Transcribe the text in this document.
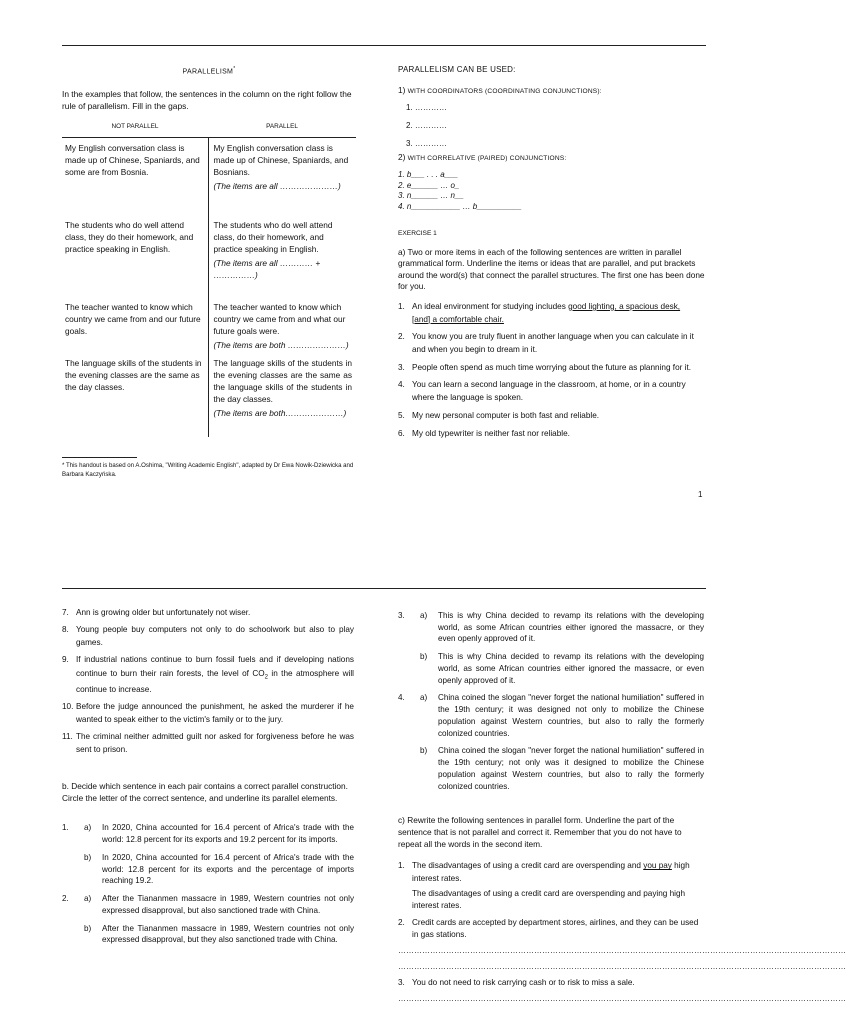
PARALLELISM*

In the examples that follow, the sentences in the column on the right follow the rule of parallelism. Fill in the gaps.

NOT PARALLEL	PARALLEL
My English conversation class is made up of Chinese, Spaniards, and some are from Bosnia.	My English conversation class is made up of Chinese, Spaniards, and Bosnians.
(The items are all …………………)

The students who do well attend class, they do their homework, and practice speaking in English.	The students who do well attend class, do their homework, and practice speaking in English.
(The items are all ………… + ……………)

The teacher wanted to know which country we came from and our future goals.	The teacher wanted to know which country we came from and what our future goals were.
(The items are both …………………)

The language skills of the students in the evening classes are the same as the day classes.	The language skills of the students in the evening classes are the same as the language skills of the students in the day classes.
(The items are both…………………)
* This handout is based on A.Oshima, "Writing Academic English", adapted by Dr Ewa Nowik-Dziewicka and Barbara Kaczyńska.
PARALLELISM CAN BE USED:
1) WITH COORDINATORS (COORDINATING CONJUNCTIONS):
1. …………
2. …………
3. …………
2) WITH CORRELATIVE (PAIRED) CONJUNCTIONS:
1. b___ . . . a___
2. e______ … o_
3. n______ … n__
4. n___________ … b__________
EXERCISE 1

a) Two or more items in each of the following sentences are written in parallel grammatical form. Underline the items or ideas that are parallel, and put brackets around the word(s) that connect the parallel structures. The first one has been done for you.

1. An ideal environment for studying includes good lighting, a spacious desk,
[and] a comfortable chair.
2. You know you are truly fluent in another language when you can calculate in it and when you begin to dream in it.
3. People often spend as much time worrying about the future as planning for it.
4. You can learn a second language in the classroom, at home, or in a country where the language is spoken.
5. My new personal computer is both fast and reliable.
6. My old typewriter is neither fast nor reliable.
1
7. Ann is growing older but unfortunately not wiser.
8. Young people buy computers not only to do schoolwork but also to play games.
9. If industrial nations continue to burn fossil fuels and if developing nations continue to burn their rain forests, the level of $CO_2$ in the atmosphere will continue to increase.
10. Before the judge announced the punishment, he asked the murderer if he wanted to speak either to the victim's family or to the jury.
11. The criminal neither admitted guilt nor asked for forgiveness before he was sent to prison.

b. Decide which sentence in each pair contains a correct parallel construction. Circle the letter of the correct sentence, and underline its parallel elements.

1. a) In 2020, China accounted for 16.4 percent of Africa's trade with the world: 12.8 percent for its exports and 19.2 percent for its imports.
b) In 2020, China accounted for 16.4 percent of Africa's trade with the world: 12.8 percent for its exports and the percentage of imports reaching 19.2.
2. a) After the Tiananmen massacre in 1989, Western countries not only expressed disapproval, but also sanctioned trade with China.
b) After the Tiananmen massacre in 1989, Western countries not only expressed disapproval, but they also sanctioned trade with China.
3. a) This is why China decided to revamp its relations with the developing world, as some African countries either ignored the massacre, or they even openly approved of it.
b) This is why China decided to revamp its relations with the developing world, as some African countries either ignored the massacre, or even openly approved of it.
4. a) China coined the slogan "never forget the national humiliation" suffered in the 19th century; it was designed not only to mobilize the Chinese population against Western countries, but also to rally the formerly colonized countries.
b) China coined the slogan "never forget the national humiliation" suffered in the 19th century; not only was it designed to mobilize the Chinese population against Western countries, but also to rally the formerly colonized countries.

c) Rewrite the following sentences in parallel form. Underline the part of the sentence that is not parallel and correct it. Remember that you do not have to repeat all the words in the second item.

1. The disadvantages of using a credit card are overspending and you pay high interest rates.
The disadvantages of using a credit card are overspending and paying high interest rates.
2. Credit cards are accepted by department stores, airlines, and they can be used in gas stations.
……………………………………………………………………………………………………………………………………………………
……………………………………………………………………………………………………………………………………………………
3. You do not need to risk carrying cash or to risk to miss a sale.
……………………………………………………………………………………………………………………………………………………
